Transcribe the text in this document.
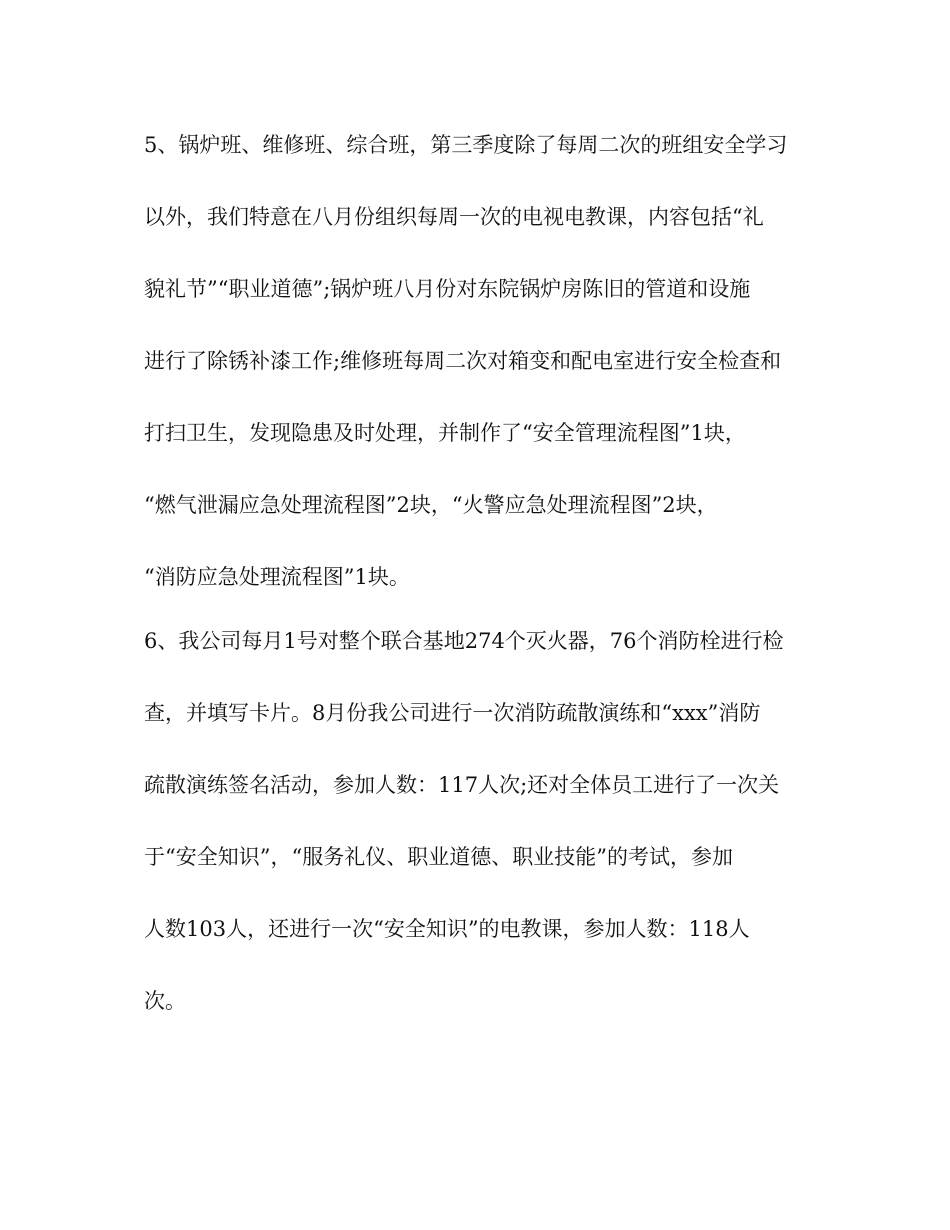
5、锅炉班、维修班、综合班，第三季度除了每周二次的班组安全学习

以外，我们特意在八月份组织每周一次的电视电教课，内容包括“礼

貌礼节”“职业道德”;锅炉班八月份对东院锅炉房陈旧的管道和设施

进行了除锈补漆工作;维修班每周二次对箱变和配电室进行安全检查和

打扫卫生，发现隐患及时处理，并制作了“安全管理流程图”1块，

“燃气泄漏应急处理流程图”2块，“火警应急处理流程图”2块，

“消防应急处理流程图”1块。

6、我公司每月1号对整个联合基地274个灭火器，76个消防栓进行检

查，并填写卡片。8月份我公司进行一次消防疏散演练和“xxx”消防

疏散演练签名活动，参加人数：117人次;还对全体员工进行了一次关

于“安全知识”，“服务礼仪、职业道德、职业技能”的考试，参加

人数103人，还进行一次“安全知识”的电教课，参加人数：118人

次。
